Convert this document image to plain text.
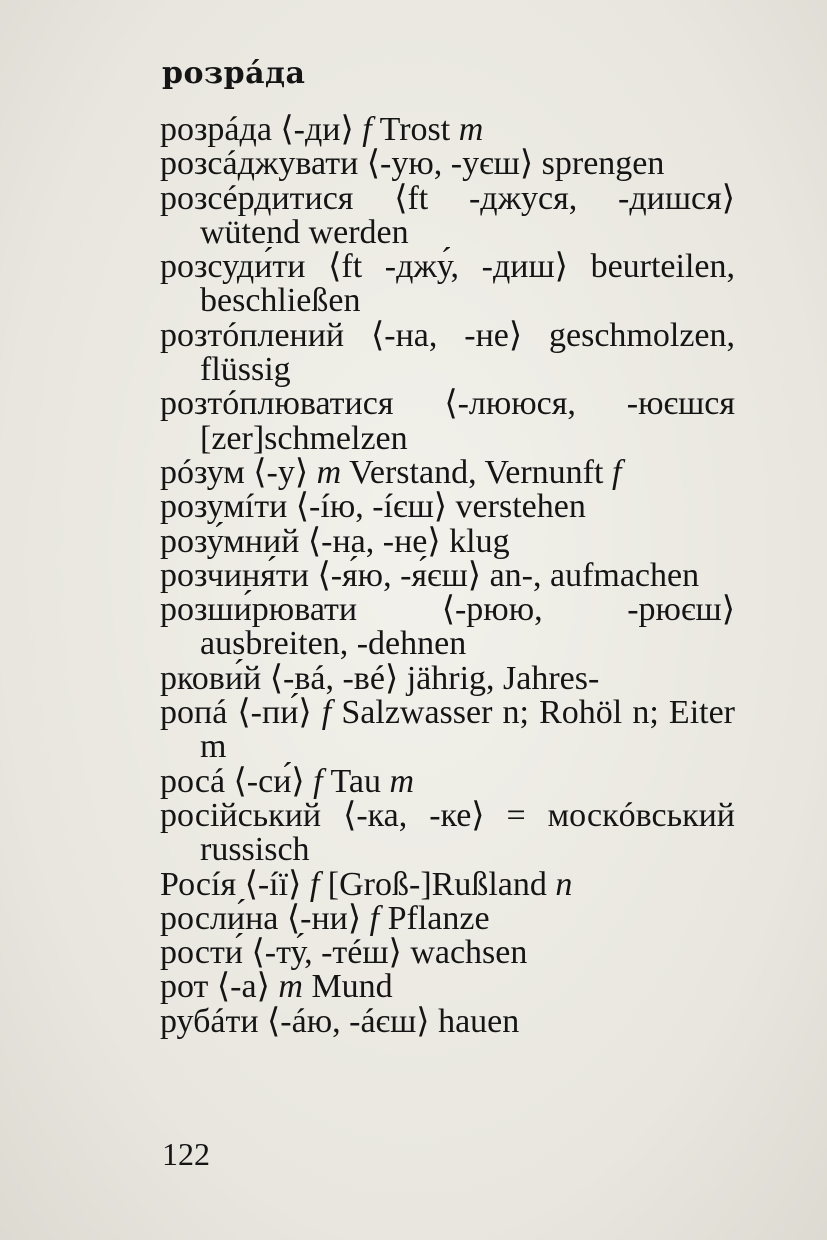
розрáда
розрáда ⟨-ди⟩ f Trost m
розсáджувати ⟨-ую, -уєш⟩ sprengen
розсéрдитися ⟨ft -джуся, -дишся⟩ wütend werden
розсуди́ти ⟨ft -джу́, -диш⟩ beurteilen, beschließen
розтóплений ⟨-на, -не⟩ geschmolzen, flüssig
розтóплюватися ⟨-лююся, -юєшся [zer]schmelzen
рóзум ⟨-у⟩ m Verstand, Vernunft f
розумíти ⟨-íю, -íєш⟩ verstehen
розу́мний ⟨-на, -не⟩ klug
розчиня́ти ⟨-я́ю, -я́єш⟩ an-, aufmachen
розши́рювати ⟨-рюю, -рюєш⟩ ausbreiten, -dehnen
ркови́й ⟨-вá, -вé⟩ jährig, Jahres-
ропá ⟨-пи́⟩ f Salzwasser n; Rohöl n; Eiter m
росá ⟨-си́⟩ f Tau m
російський ⟨-ка, -ке⟩ = москóвський russisch
Росíя ⟨-íї⟩ f [Groß-]Rußland n
росли́на ⟨-ни⟩ f Pflanze
рости́ ⟨-ту́, -тéш⟩ wachsen
рот ⟨-а⟩ m Mund
рубáти ⟨-áю, -áєш⟩ hauen
122
